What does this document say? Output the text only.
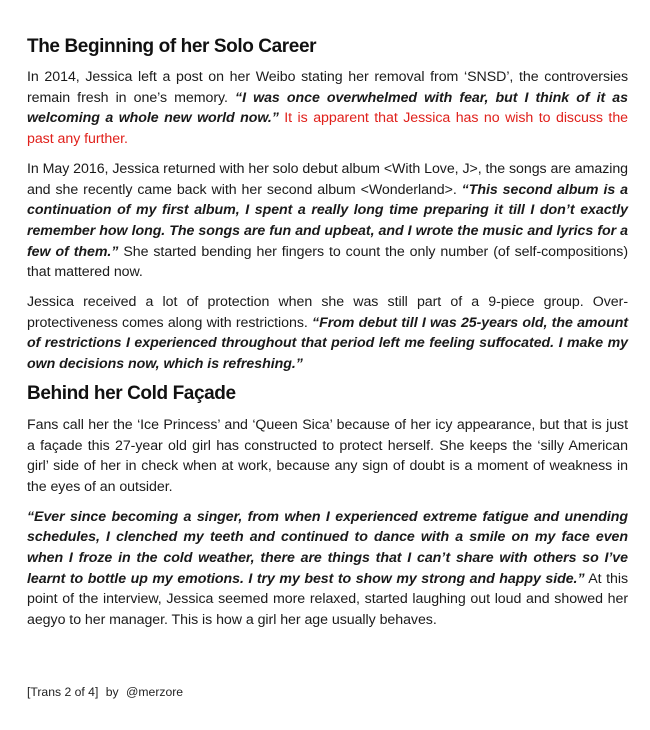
The Beginning of her Solo Career

In 2014, Jessica left a post on her Weibo stating her removal from ‘SNSD’, the controversies remain fresh in one’s memory. “I was once overwhelmed with fear, but I think of it as welcoming a whole new world now.” It is apparent that Jessica has no wish to discuss the past any further.

In May 2016, Jessica returned with her solo debut album <With Love, J>, the songs are amazing and she recently came back with her second album <Wonderland>. “This second album is a continuation of my first album, I spent a really long time preparing it till I don’t exactly remember how long. The songs are fun and upbeat, and I wrote the music and lyrics for a few of them.” She started bending her fingers to count the only number (of self-compositions) that mattered now.

Jessica received a lot of protection when she was still part of a 9-piece group. Over-protectiveness comes along with restrictions. “From debut till I was 25-years old, the amount of restrictions I experienced throughout that period left me feeling suffocated. I make my own decisions now, which is refreshing.”

Behind her Cold Façade

Fans call her the ‘Ice Princess’ and ‘Queen Sica’ because of her icy appearance, but that is just a façade this 27-year old girl has constructed to protect herself. She keeps the ‘silly American girl’ side of her in check when at work, because any sign of doubt is a moment of weakness in the eyes of an outsider.

“Ever since becoming a singer, from when I experienced extreme fatigue and unending schedules, I clenched my teeth and continued to dance with a smile on my face even when I froze in the cold weather, there are things that I can’t share with others so I’ve learnt to bottle up my emotions. I try my best to show my strong and happy side.” At this point of the interview, Jessica seemed more relaxed, started laughing out loud and showed her aegyo to her manager. This is how a girl her age usually behaves.

[Trans 2 of 4] by @merzore
